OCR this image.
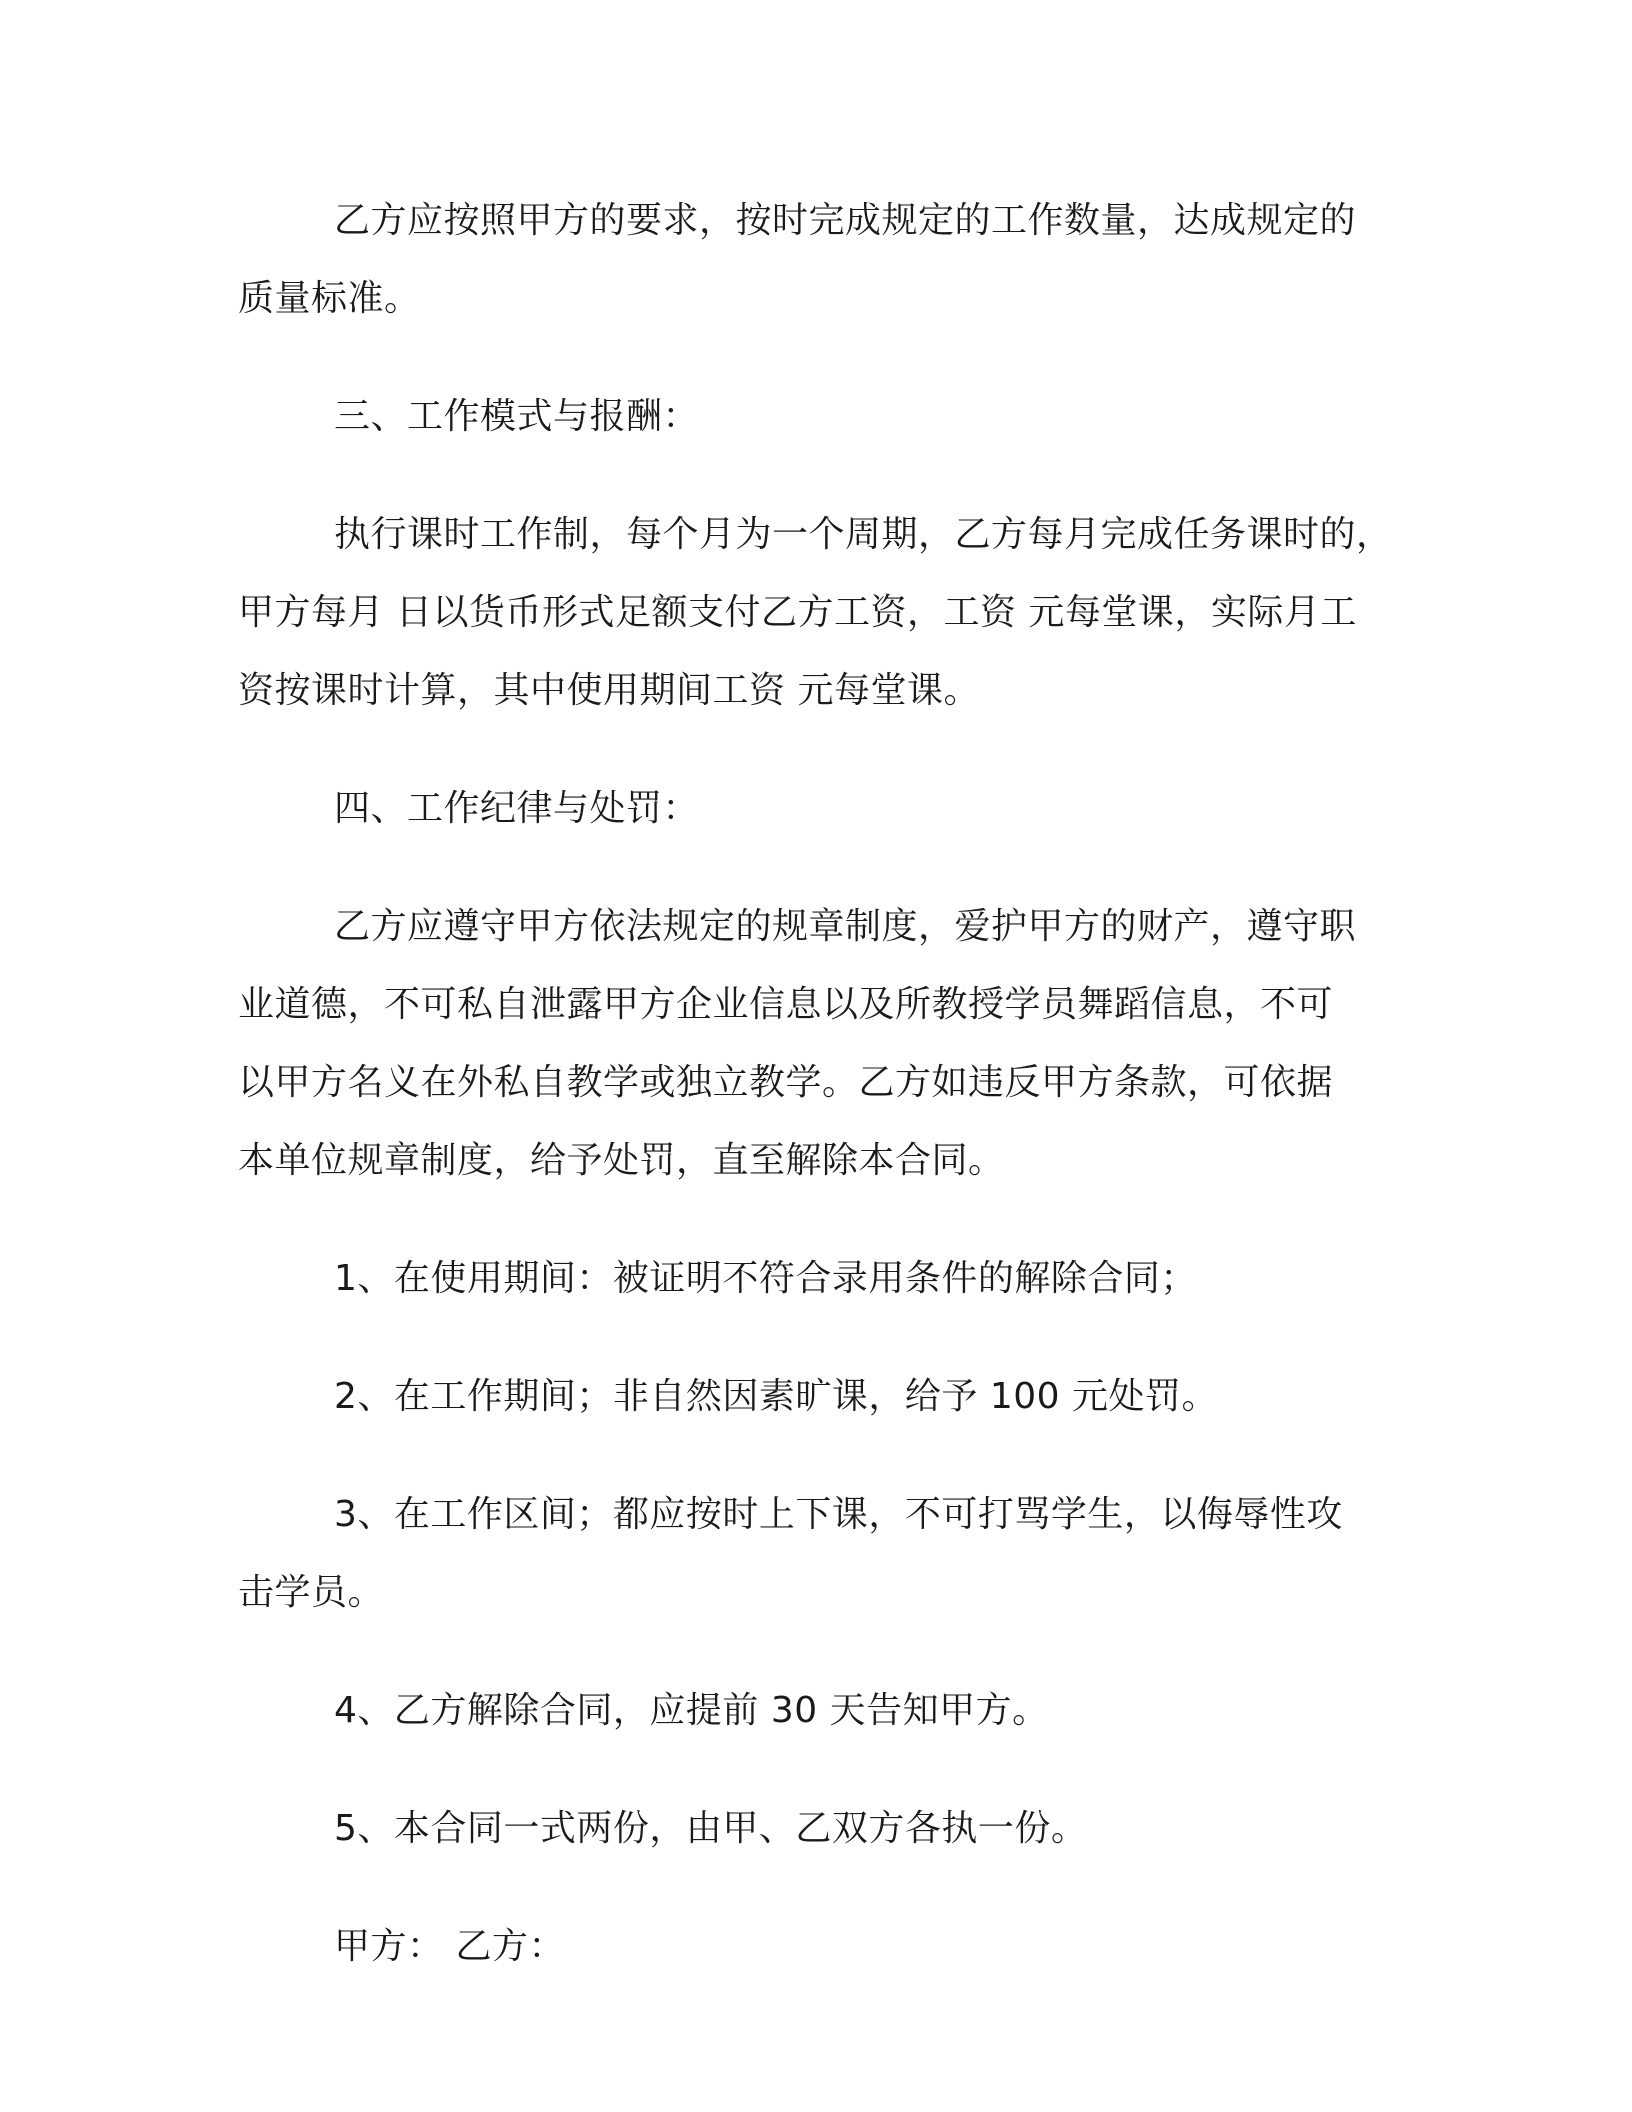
乙方应按照甲方的要求，按时完成规定的工作数量，达成规定的
质量标准。

三、工作模式与报酬：

执行课时工作制，每个月为一个周期，乙方每月完成任务课时的，
甲方每月 日以货币形式足额支付乙方工资，工资 元每堂课，实际月工
资按课时计算，其中使用期间工资 元每堂课。

四、工作纪律与处罚：

乙方应遵守甲方依法规定的规章制度，爱护甲方的财产，遵守职
业道德，不可私自泄露甲方企业信息以及所教授学员舞蹈信息，不可
以甲方名义在外私自教学或独立教学。乙方如违反甲方条款，可依据
本单位规章制度，给予处罚，直至解除本合同。

1、在使用期间：被证明不符合录用条件的解除合同；

2、在工作期间；非自然因素旷课，给予 100 元处罚。

3、在工作区间；都应按时上下课，不可打骂学生，以侮辱性攻
击学员。

4、乙方解除合同，应提前 30 天告知甲方。

5、本合同一式两份，由甲、乙双方各执一份。

甲方： 乙方：
